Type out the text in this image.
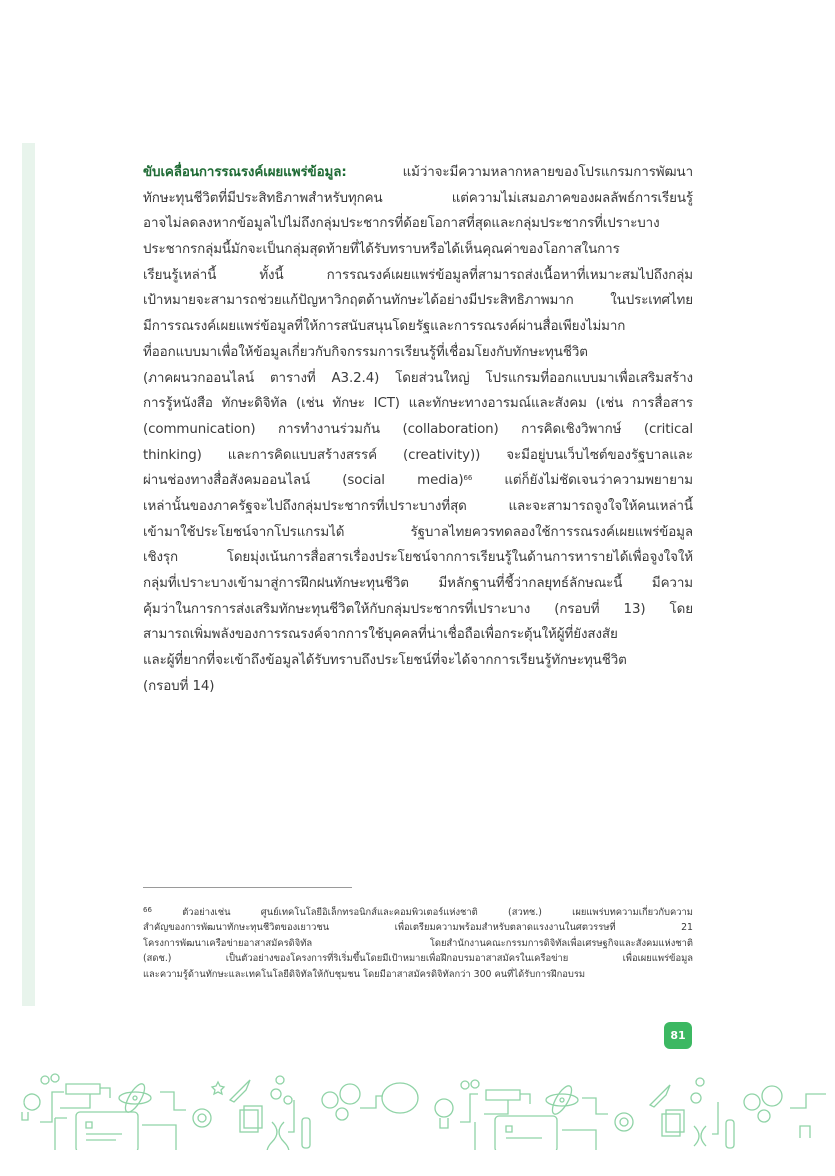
ขับเคลื่อนการรณรงค์เผยแพร่ข้อมูล: แม้ว่าจะมีความหลากหลายของโปรแกรมการพัฒนา
ทักษะทุนชีวิตที่มีประสิทธิภาพสำหรับทุกคน แต่ความไม่เสมอภาคของผลลัพธ์การเรียนรู้
อาจไม่ลดลงหากข้อมูลไปไม่ถึงกลุ่มประชากรที่ด้อยโอกาสที่สุดและกลุ่มประชากรที่เปราะบาง
ประชากรกลุ่มนี้มักจะเป็นกลุ่มสุดท้ายที่ได้รับทราบหรือได้เห็นคุณค่าของโอกาสในการ
เรียนรู้เหล่านี้ ทั้งนี้ การรณรงค์เผยแพร่ข้อมูลที่สามารถส่งเนื้อหาที่เหมาะสมไปถึงกลุ่ม
เป้าหมายจะสามารถช่วยแก้ปัญหาวิกฤตด้านทักษะได้อย่างมีประสิทธิภาพมาก ในประเทศไทย
มีการรณรงค์เผยแพร่ข้อมูลที่ให้การสนับสนุนโดยรัฐและการรณรงค์ผ่านสื่อเพียงไม่มาก
ที่ออกแบบมาเพื่อให้ข้อมูลเกี่ยวกับกิจกรรมการเรียนรู้ที่เชื่อมโยงกับทักษะทุนชีวิต
(ภาคผนวกออนไลน์ ตารางที่ A3.2.4) โดยส่วนใหญ่ โปรแกรมที่ออกแบบมาเพื่อเสริมสร้าง
การรู้หนังสือ ทักษะดิจิทัล (เช่น ทักษะ ICT) และทักษะทางอารมณ์และสังคม (เช่น การสื่อสาร
(communication) การทำงานร่วมกัน (collaboration) การคิดเชิงวิพากษ์ (critical
thinking) และการคิดแบบสร้างสรรค์ (creativity)) จะมีอยู่บนเว็บไซต์ของรัฐบาลและ
ผ่านช่องทางสื่อสังคมออนไลน์ (social media)$^{66}$ แต่ก็ยังไม่ชัดเจนว่าความพยายาม
เหล่านั้นของภาครัฐจะไปถึงกลุ่มประชากรที่เปราะบางที่สุด และจะสามารถจูงใจให้คนเหล่านี้
เข้ามาใช้ประโยชน์จากโปรแกรมได้ รัฐบาลไทยควรทดลองใช้การรณรงค์เผยแพร่ข้อมูล
เชิงรุก โดยมุ่งเน้นการสื่อสารเรื่องประโยชน์จากการเรียนรู้ในด้านการหารายได้เพื่อจูงใจให้
กลุ่มที่เปราะบางเข้ามาสู่การฝึกฝนทักษะทุนชีวิต มีหลักฐานที่ชี้ว่ากลยุทธ์ลักษณะนี้ มีความ
คุ้มว่าในการการส่งเสริมทักษะทุนชีวิตให้กับกลุ่มประชากรที่เปราะบาง (กรอบที่ 13) โดย
สามารถเพิ่มพลังของการรณรงค์จากการใช้บุคคลที่น่าเชื่อถือเพื่อกระตุ้นให้ผู้ที่ยังสงสัย
และผู้ที่ยากที่จะเข้าถึงข้อมูลได้รับทราบถึงประโยชน์ที่จะได้จากการเรียนรู้ทักษะทุนชีวิต
(กรอบที่ 14)
$^{66}$ ตัวอย่างเช่น ศูนย์เทคโนโลยีอิเล็กทรอนิกส์และคอมพิวเตอร์แห่งชาติ (สวทช.) เผยแพร่บทความเกี่ยวกับความ
สำคัญของการพัฒนาทักษะทุนชีวิตของเยาวชน เพื่อเตรียมความพร้อมสำหรับตลาดแรงงานในศตวรรษที่ 21
โครงการพัฒนาเครือข่ายอาสาสมัครดิจิทัล โดยสำนักงานคณะกรรมการดิจิทัลเพื่อเศรษฐกิจและสังคมแห่งชาติ
(สดช.) เป็นตัวอย่างของโครงการที่ริเริ่มขึ้นโดยมีเป้าหมายเพื่อฝึกอบรมอาสาสมัครในเครือข่าย เพื่อเผยแพร่ข้อมูล
และความรู้ด้านทักษะและเทคโนโลยีดิจิทัลให้กับชุมชน โดยมีอาสาสมัครดิจิทัลกว่า 300 คนที่ได้รับการฝึกอบรม
81
